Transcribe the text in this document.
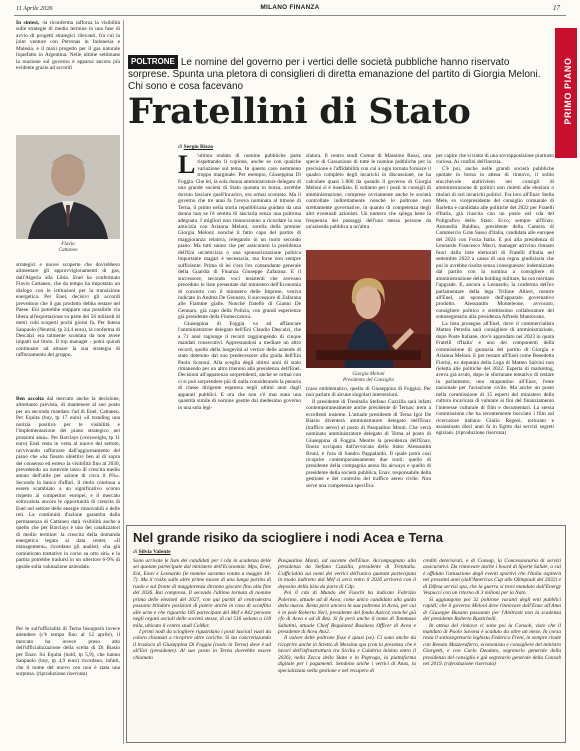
11 Aprile 2026	MILANO FINANZA	17
PRIMO PIANO

In sintesi, -la riconferma rafforza la visibilità sulle strategie di medio termine in una fase di avvio di progetti strategici rilevanti, fra cui la joint venture con Petronas in Indonesia e Malesia, e il maxi progetto per il gas naturale liquefatto in Argentina. Nelle ultime settimane la reazione sul governo è apparsa ancora più evidente grazie ad accordi

Flavio
Cattaneo

strategici e nuove scoperte che dovrebbero alimentare gli approvvigionamenti di gas, dall'Algeria alla Libia. Enel ha confermato Flavio Cattaneo, che da tempo ha impostato un dialogo con le istituzioni per la transizione energetica. Per Enel, decisivi gli accordi prevedono che il gas prodotto debba restare nel Paese. Eni potrebbe stappare una possibile via libera all'esportazione su parte dei 56 miliardi di metri cubi scoperti pochi giorni fa. Per Intesa Sanpaolo (Neutral, tp 24,4 euro), la conferma di Descalzi era talmente scontata da non avere impatti sul titolo. Il top manager - potrà quindi continuare ad attuare la sua strategia di rafforzamento del gruppo.

Ben accolta dal mercato anche la decisione, altrettanto prevista, di mantenere al suo posto per un secondo mandato l'ad di Enel, Cattaneo. Per Equita (buy, tp 17 euro) «il tranding una notizia positiva per le visibilità e l'implementazione del piano strategico nei prossimi anni». Per Barclays (overweight, tp 11 euro) Enel resta in vetta al nuovo del settore, ravvivando rafforzare dall'aggiornamento del piano che «ha fissato obiettivi ben al di sopra del consenso ed esteso la visibilità fino al 2030, prevedendo un notevole tasso di crescita medio annuo dell'utile per azione di circa il 6%». Secondo la banca d'affari, il titolo continua a essere scambiato a un significativo sconto rispetto ai competitor europei, e il mercato sottovaluta ancora le opportunità di crescita di Enel nel settore delle energie rinnovabili e delle reti. La continuità d'azione garantita dalla permanenza di Cattaneo darà visibilità anche a quello che per Barclays è uno dei catalizzatori di medio termine: la crescita della domanda energetica legata ai data center. «Il management», ricordano gli analisti, «ha già comunicato trattative in corso su otto siti» e la partita potrebbe tradursi in un ulteriore 6-9% di upside sulla valutazione aziendale.

Per le sull'ufficialità di Terna bisognerà invece attendere (c'è tempo fino al 12 aprile), il mercato ha invece preso atto dell'ufficializzazione della scelta di Di Biasio per Enav. Su Equita (hold, tp 5,9), che hanno Sanpaolo (buy, tp 4,9 euro) ricordano, infatti, che il nome del nuovo ceo non è stata una sorpresa. (riproduzione riservata)

POLTRONE Le nomine del governo per i vertici delle società pubbliche hanno riservato sorprese. Spunta una pletora di consiglieri di diretta emanazione del partito di Giorgia Meloni. Chi sono e cosa facevano
Fratellini di Stato
di Sergio Rizzo

L 'ultima ondata di nomine pubbliche parte rispettando il copione, anche se con qualche variazione sul tema. In questo caso nemmeno troppo marginale. Per esempio, Giuseppina Di Foggia. Che lei, la sola donna amministratore delegato di una grande società di Stato quotata in borsa, avrebbe dovuto lasciare quell'incarico, era ormai scontato. Ma il governo che tre anni fa l'aveva nominata al timone di Terna, il primo nella storia repubblicana guidato da una donna non se l'è sentita di lasciarla senza una poltrona adeguata. I migliori non rinunceranno a ricordare la sua amicizia con Arianna Meloni, sorella della premier Giorgia Meloni; nonché il fatto capo del partito di maggioranza relativa, relegando in un ruolo secondo piano. Ma tutti sanno che per assicurarsi la presidenza dell'Eni un'amicizia o una sponsorizzazione politica importante magari è necessaria, ma forse non sempre sufficiente. Prima di lei c'era l'ex comandante generale della Guardia di Finanza Giuseppe Zafarana. E il successore, secondo voci insistenti che avevano preceduto le liste presentate dal ministero dell'Economia di concerto con il ministero delle Imprese, veniva indicato in Andrea De Gennaro, il successore di Zafarana alle Fiamme gialle. Nonché fratello di Gianni De Gennaro, già capo della Polizia, con grandi esperienze già presidente della Finmeccanica.

Giuseppina di Foggia va ad affiancare l'amministratore delegato dell'Eni Claudio Descalzi, che a 71 anni ragiunge il record raggiungendo di cinque mandati consecutivi. Apprestandosi a mediare un altro record, quello della longevità al vertice delle aziende di stato detenuto dal suo predecessore alla guida dell'Eni Paolo Scaroni. Alla sceglia degli ultimi anni di stato rimanendo per un altro triennio alla presidenza dell'Enel. Decisioni all'apparenza sorprendenti, anche se ormai con ci si può sorprendere più di nulla considerando la penuria di classe dirigente espressa negli ultimi anni dagli apparati pubblici. E ora che non c'è mai stata una quantità simile di nomine gestite dal medesimo governo in una sola legi-

slatura. Il centro studi Comar di Massimo Rossi, una specie di Cassazione di tutte le nomine pubbliche per la precisione e l'affidabilità con cui a ogni tornata fornisce il quadro completo degli incarichi in discussione, ne ha calcolate quasi 1.800 da quando il governo di Giorgia Meloni si è insediato. E soltanto per i posti in consigli di amministrazione, comprese ovviamente anche le società controllate indirettamente nonché le poltrone non strettamente governative, in quanto di competenza degli altri eventuali azionisti. Un numero che spiega bene la frequenza dei passaggi dell'una stessa persone da un'azienda pubblica a un'altra

Giorgia Meloni
Presidente del Consiglio

(caso emblematico, quello di Giuseppina di Foggia). Per non parlare di alcune singolari intersezioni.

Il presidente di Trenitalia Stefano Cuzzilla sarà infatti contemporaneamente anche presidente di Ternas: trent a eccellenti insieme. L'attuale presidente di Terna Igor De Biasio diventerà amministratore delegato dell'Enav (traffico aereo) al posto di Pasqualino Monti. Che verrà nominato amministratore delegato di Terna al posto di Giuseppina di Foggia. Mentre la presidenza dell'Enav, finora occupata dall'avvocata dello Stato Alessandra Bruni, è l'ora di Sandro Pappalardo. Il quale potrà così ricoprire contemporaneamente due ruoli: quello di presidente della compagnia aerea Ita airways e quello di presidente della società pubblica, Enav, responsabile della gestione e del controllo del traffico aereo civile. Non serve una competenza specifica

per capire che si tratta di una sovrapposizione piuttosto curiosa. Ai confini dell'inerzia.

C'è poi, anche nelle grandi società pubbliche quotate in borsa in attesa di rinnovo, il solito stucchevole andirivieni nei consigli di amministrazione di politici non rieletti alle elezioni o titolari di rari incarichi politici. Fra loro all'Enav Stella Mele, ex vicepresidente del consiglio comunale di Barletta e candidata alle politiche del 2022 per Fratelli d'Italia, già riuscita con un posto nel cda del Poligrafico dello Stato. Ecco, sempre all'Enav, Antonella Baldino, presidente della Camera di Commercio Gran Sasso d'Italia, candidata alle europee del 2024 con Forza Italia. E poi alla presidenza di Leonardo Francesco Macri, manager arrivino rimasto fuori dalla liste elettorali di Fratelli d'Italia nel settembre 2022 a causa di una regna giudiziaria che poi lo avrebbe risolta senza conseguenze: indennizzato dal partito con la nomina a consigliere di amministrazione della holding militare, ha ora meritato l'upgrade. E, ancora a Leonardo, la conferma dell'ex parlamentare della lega Trifone Altieri, mentre all'Enel, un sponsore dell'apparato governativo prodotto. Alessandro Monteleone, avvocato, consigliere politico e strettissimo collaboratore del sottosegretario alla presidenza Alfredo Mantovano.

La lista prosegue all'Enel, dove il commercialista Matteo Petrella sarà consigliere di amministrazione, dopo Poste Italiane, dov'è approdato nel 2023 in quota Fratelli d'Italia' e uno dei componenti della commissione di garanzia del partito di Giorgia e Arianna Meloni. E per restare all'Enel come Benedetta Fiorini, ex deputata della Lega di Matteo Salvini non rieletta alle politiche del 2022. Esperta di marketing, aveva già avuto, dopo le sfortunate tentativo di restare in parlamento, uno strapuntino all'Enav, l'ente nazionale per l'aviazione civile. Ma anche un posto nella commissione di 15 esperti del ministero della cultura incaricata di valutare ai fini del finanziamento l'interesse culturale di film e documentari. La stessa commissione che ha recentemente bocciato i film sul ricercatore italiano Giulio Regeni, torturato e assassinato dieci anni fa in Egitto dai servizi segreti egiziani. (riproduzione riservata)

Nel grande risiko da sciogliere i nodi Acea e Terna
di Silvia Valente

Sono arrivate le liste dei candidati per i cda in scadenza delle sei quotate partecipate dal ministero dell'Economia: Mps, Enel, Eni, Enav e Leonardo (le nomine saranno votate a maggio 16-7). Ma il risiko sulle altre prime mosse di una lunga partita di ruolo e sul fronte di maggiorenza diranno giocare fino alla fine del 2026. Rai compresa. Il secondo l'ultimo tornata di nomine prima delle elezioni del 2027, con qui partiti di centrodestra possono blindare posizioni di potere anche in caso di sconfitta alle urne e che riguarda 185 partecipate del Mef e 842 persone negli organi sociali delle società stesse, di cui 516 sedono a 118 mila, ubicato il centro studi CoMar.

I primi nodi da sciogliere riguardano i posti lasciati vuoti da coloro chiamati a ricoprire altre cariche. Si sta concretizzando il trasloco di Giuseppina Di Foggia (ruolo in Terna) dove è ad all'Eni (presidente). Al suo posto in Terna dovrebbe essere chiamato

Pasqualino Monti, ad uscente dell'Enav. Accompagnato alla presidenza da Stefano Cuzzilla, presidente di Trenitalia. L'ufficialità sui nomi dei vertici dell'unica quotata partecipata in modo indiretto dal Mef si avrà entro il 2026 arriverà con il deposito della lista da parte di Cdp.

Poi il cda di Mundo del Fuochi ha indicato Fabrizio Palermo, attuale ad di Acea, come unico candidato alla guida della nuova. Resta però ancora la sua poltrona in Acea, per cui è in pole Roberto Neri, presidente del fondo Aalcor, nonché già cfo di Acea e ad di Bnz. Si fa però anche il nome di Tommaso Sabatini, attuale Chief Regulated Business Officer di Acea e presidente di Acea Ato2.

Il valore delle poltrone fisse è quasi (se). Ci sono anche da ricoprire anche in Stretto di Messina spa (con la presenza che è lavori dell'infrastruttura tra Sicilia e Calabria inizino entro il 2026), nella Zecca dello Stato e in Poprago, la piattaforma digitale per i pagamenti. Sendono anche i vertici di Anas, la specializzata nella gestione e nel recupero di

crediti deteriorati, e di Consap, la Concessionaria di servizi assicurativi. Da rinnovare anche i board di Sporte Salute, a cui è affidato l'attuazione degli eventi sportivi che l'Italia ospiterà nei prossimi anni (dall'Americas Cup alle Olimpiadi del 2032) e di Difesa servizi spa, che la guerra si trovi mandato dall'Energy Vespucci con un ritorno di 3 milioni per la Nato.

Si aggiungono poi 32 poltrone vacanti degli enti pubblici rapidi; che il governo Meloni deve rinnovare dall'Enac all'Ama di Giuseppe Busano passando per l'Anitrasit non la scadenza del presidente Roberto Rustichelli.

In attesa del rinnovo ci sono poi la Consob, visto che il mandato di Paolo Savona è scaduto da oltre un mese. In corsa resta il sottosegretario leghista Federico Freni, in sempre rivale con Renato Mazzeraferro, economista e consigliere del ministro Giorgetti, e con Carlo Deodato, segretario generale della presidenza del consiglio e già segretario generale della Consob nel 2019. (riproduzione riservata)
